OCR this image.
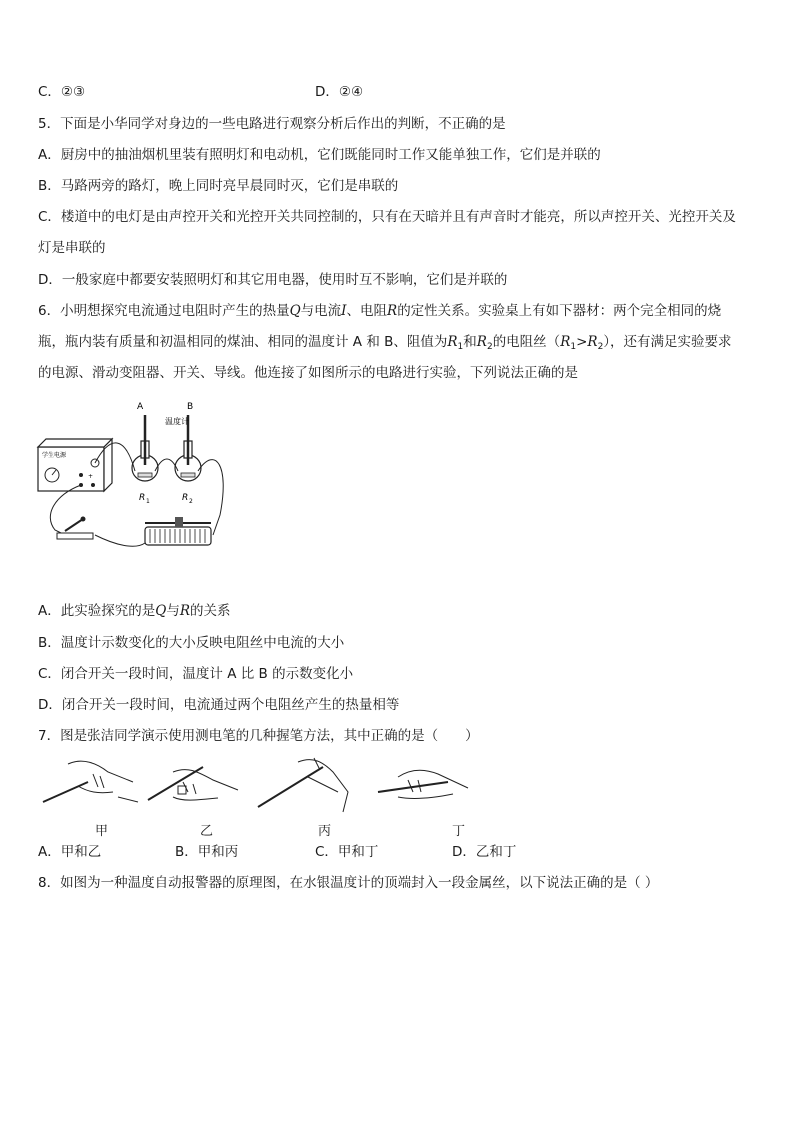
C．②③	D．②④
5．下面是小华同学对身边的一些电路进行观察分析后作出的判断，不正确的是
A．厨房中的抽油烟机里装有照明灯和电动机，它们既能同时工作又能单独工作，它们是并联的
B．马路两旁的路灯，晚上同时亮早晨同时灭，它们是串联的
C．楼道中的电灯是由声控开关和光控开关共同控制的，只有在天暗并且有声音时才能亮，所以声控开关、光控开关及
灯是串联的
D．一般家庭中都要安装照明灯和其它用电器，使用时互不影响，它们是并联的
6．小明想探究电流通过电阻时产生的热量Q与电流I、电阻R的定性关系。实验桌上有如下器材：两个完全相同的烧
瓶，瓶内装有质量和初温相同的煤油、相同的温度计 A 和 B、阻值为$R_1$和$R_2$的电阻丝$(R_1>R_2)$，还有满足实验要求
的电源、滑动变阻器、开关、导线。他连接了如图所示的电路进行实验，下列说法正确的是
学生电源
+
A
R 1
B
R 2
温度计
A．此实验探究的是Q与R的关系
B．温度计示数变化的大小反映电阻丝中电流的大小
C．闭合开关一段时间，温度计 A 比 B 的示数变化小
D．闭合开关一段时间，电流通过两个电阻丝产生的热量相等
7．图是张洁同学演示使用测电笔的几种握笔方法，其中正确的是（　　）
甲	乙	丙	丁
A．甲和乙	B．甲和丙	C．甲和丁	D．乙和丁
8．如图为一种温度自动报警器的原理图，在水银温度计的顶端封入一段金属丝，以下说法正确的是（ ）
